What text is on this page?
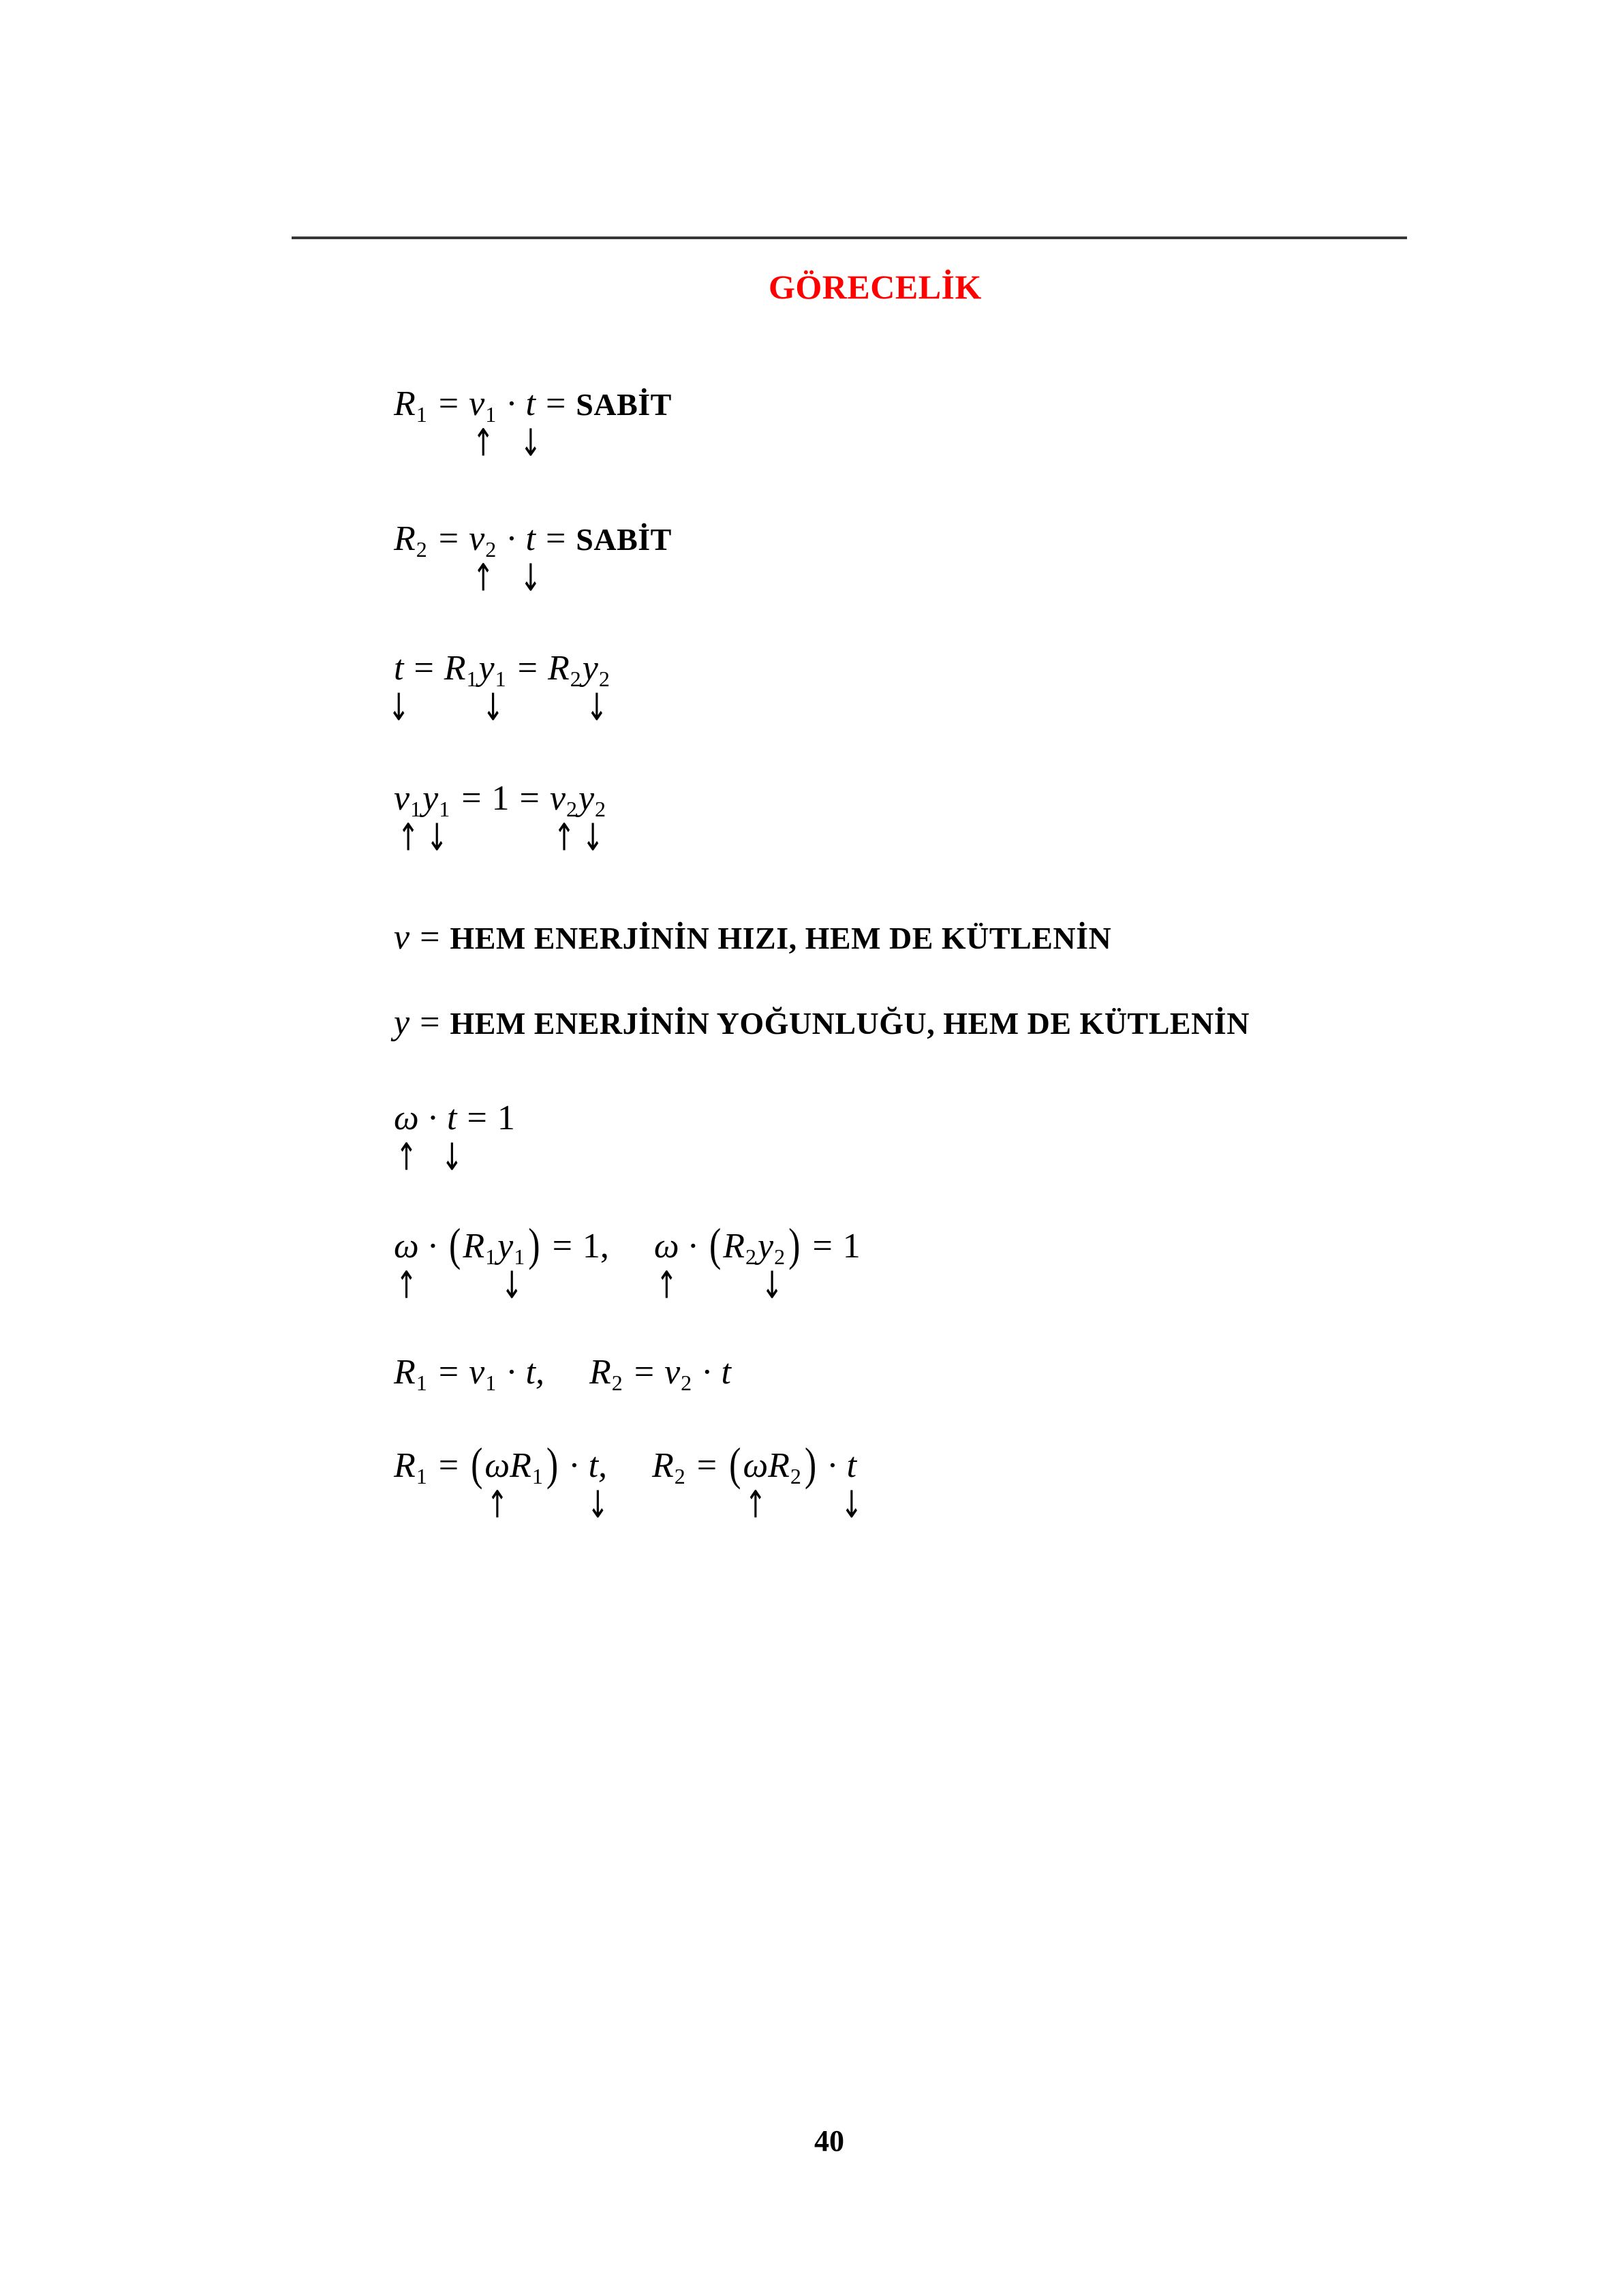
GÖRECELİK
R1 = v1
↑
· t
↓
= SABİT
R2 = v2
↑
· t
↓
= SABİT
t
↓
= R1y1
↓
= R2y2
↓
v1
↑
y1
↓
= 1 = v2
↑
y2
↓
v = HEM ENERJİNİN HIZI, HEM DE KÜTLENİN
y = HEM ENERJİNİN YOĞUNLUĞU, HEM DE KÜTLENİN
ω
↑
· t
↓
= 1
ω
↑
· (R1y1
↓
) = 1, ω
↑
· (R2y2
↓
) = 1
R1 = v1 · t, R2 = v2 · t
R1 = (ω
↑
R1) · t,
↓
R2 = (ω
↑
R2) · t
↓
40
